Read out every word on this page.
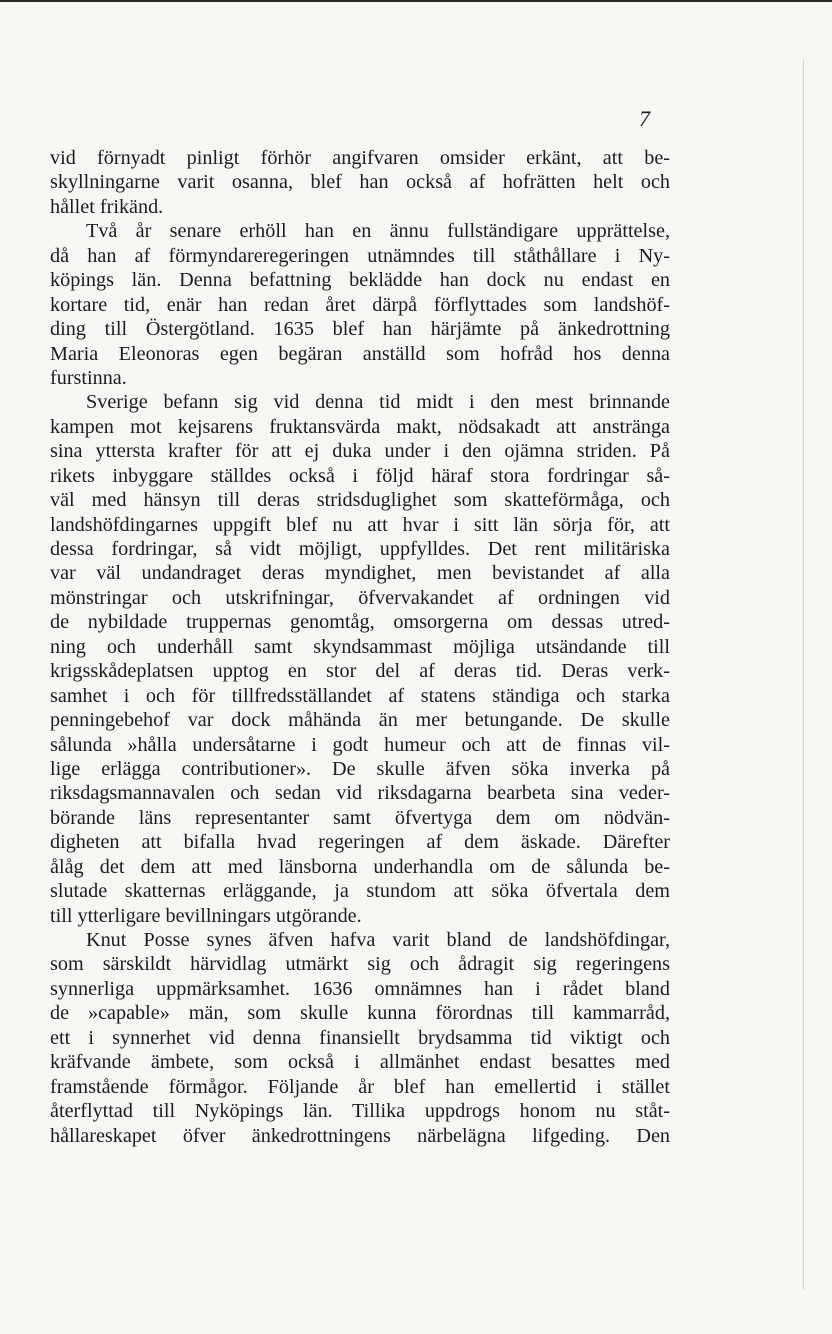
7
vid förnyadt pinligt förhör angifvaren omsider erkänt, att be-
skyllningarne varit osanna, blef han också af hofrätten helt och
hållet frikänd.
Två år senare erhöll han en ännu fullständigare upprättelse,
då han af förmyndareregeringen utnämndes till ståthållare i Ny-
köpings län. Denna befattning beklädde han dock nu endast en
kortare tid, enär han redan året därpå förflyttades som landshöf-
ding till Östergötland. 1635 blef han härjämte på änkedrottning
Maria Eleonoras egen begäran anställd som hofråd hos denna
furstinna.
Sverige befann sig vid denna tid midt i den mest brinnande
kampen mot kejsarens fruktansvärda makt, nödsakadt att anstränga
sina yttersta krafter för att ej duka under i den ojämna striden. På
rikets inbyggare ställdes också i följd häraf stora fordringar så-
väl med hänsyn till deras stridsduglighet som skatteförmåga, och
landshöfdingarnes uppgift blef nu att hvar i sitt län sörja för, att
dessa fordringar, så vidt möjligt, uppfylldes. Det rent militäriska
var väl undandraget deras myndighet, men bevistandet af alla
mönstringar och utskrifningar, öfvervakandet af ordningen vid
de nybildade truppernas genomtåg, omsorgerna om dessas utred-
ning och underhåll samt skyndsammast möjliga utsändande till
krigsskådeplatsen upptog en stor del af deras tid. Deras verk-
samhet i och för tillfredsställandet af statens ständiga och starka
penningebehof var dock måhända än mer betungande. De skulle
sålunda »hålla undersåtarne i godt humeur och att de finnas vil-
lige erlägga contributioner». De skulle äfven söka inverka på
riksdagsmannavalen och sedan vid riksdagarna bearbeta sina veder-
börande läns representanter samt öfvertyga dem om nödvän-
digheten att bifalla hvad regeringen af dem äskade. Därefter
ålåg det dem att med länsborna underhandla om de sålunda be-
slutade skatternas erläggande, ja stundom att söka öfvertala dem
till ytterligare bevillningars utgörande.
Knut Posse synes äfven hafva varit bland de landshöfdingar,
som särskildt härvidlag utmärkt sig och ådragit sig regeringens
synnerliga uppmärksamhet. 1636 omnämnes han i rådet bland
de »capable» män, som skulle kunna förordnas till kammarråd,
ett i synnerhet vid denna finansiellt brydsamma tid viktigt och
kräfvande ämbete, som också i allmänhet endast besattes med
framstående förmågor. Följande år blef han emellertid i stället
återflyttad till Nyköpings län. Tillika uppdrogs honom nu ståt-
hållareskapet öfver änkedrottningens närbelägna lifgeding. Den
